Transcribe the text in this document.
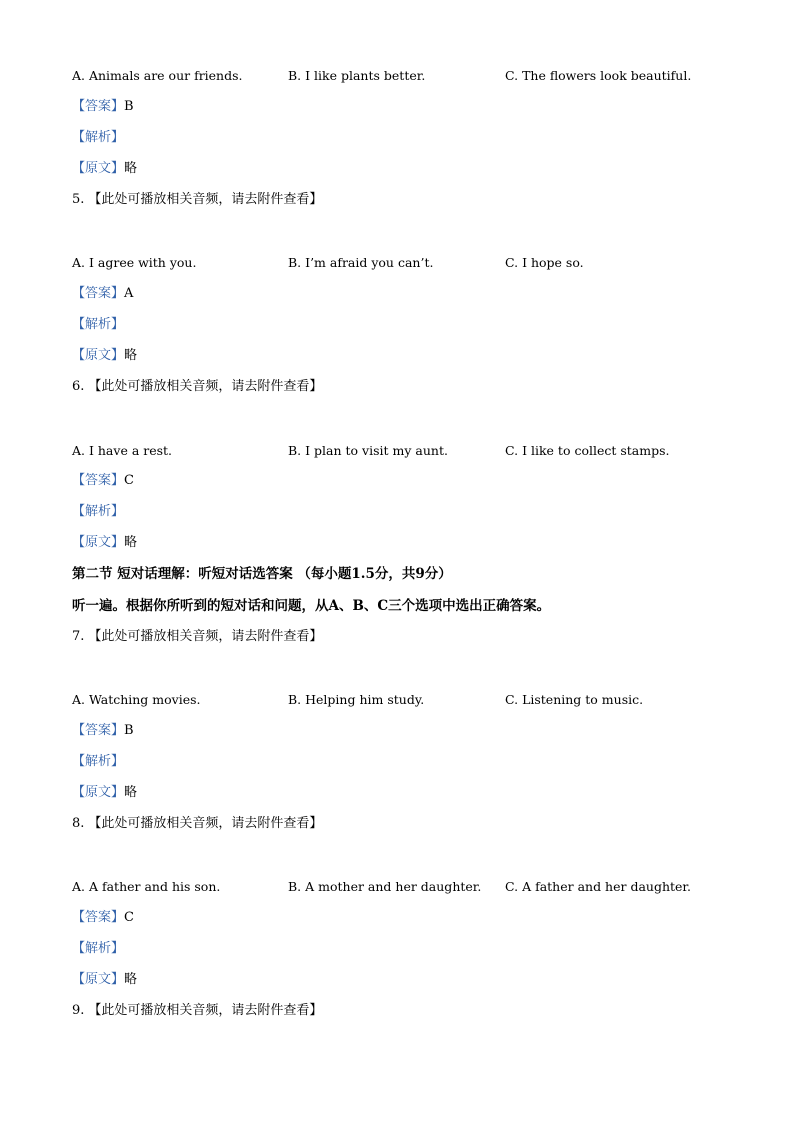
A. Animals are our friends.	B. I like plants better.	C. The flowers look beautiful.
【答案】B
【解析】
【原文】略
5. 【此处可播放相关音频，请去附件查看】
A. I agree with you.	B. I’m afraid you can’t.	C. I hope so.
【答案】A
【解析】
【原文】略
6. 【此处可播放相关音频，请去附件查看】
A. I have a rest.	B. I plan to visit my aunt.	C. I like to collect stamps.
【答案】C
【解析】
【原文】略
第二节 短对话理解：听短对话选答案 （每小题1.5分，共9分）
听一遍。根据你所听到的短对话和问题，从A、B、C三个选项中选出正确答案。
7. 【此处可播放相关音频，请去附件查看】
A. Watching movies.	B. Helping him study.	C. Listening to music.
【答案】B
【解析】
【原文】略
8. 【此处可播放相关音频，请去附件查看】
A. A father and his son.	B. A mother and her daughter. C. A father and her daughter.
【答案】C
【解析】
【原文】略
9. 【此处可播放相关音频，请去附件查看】
